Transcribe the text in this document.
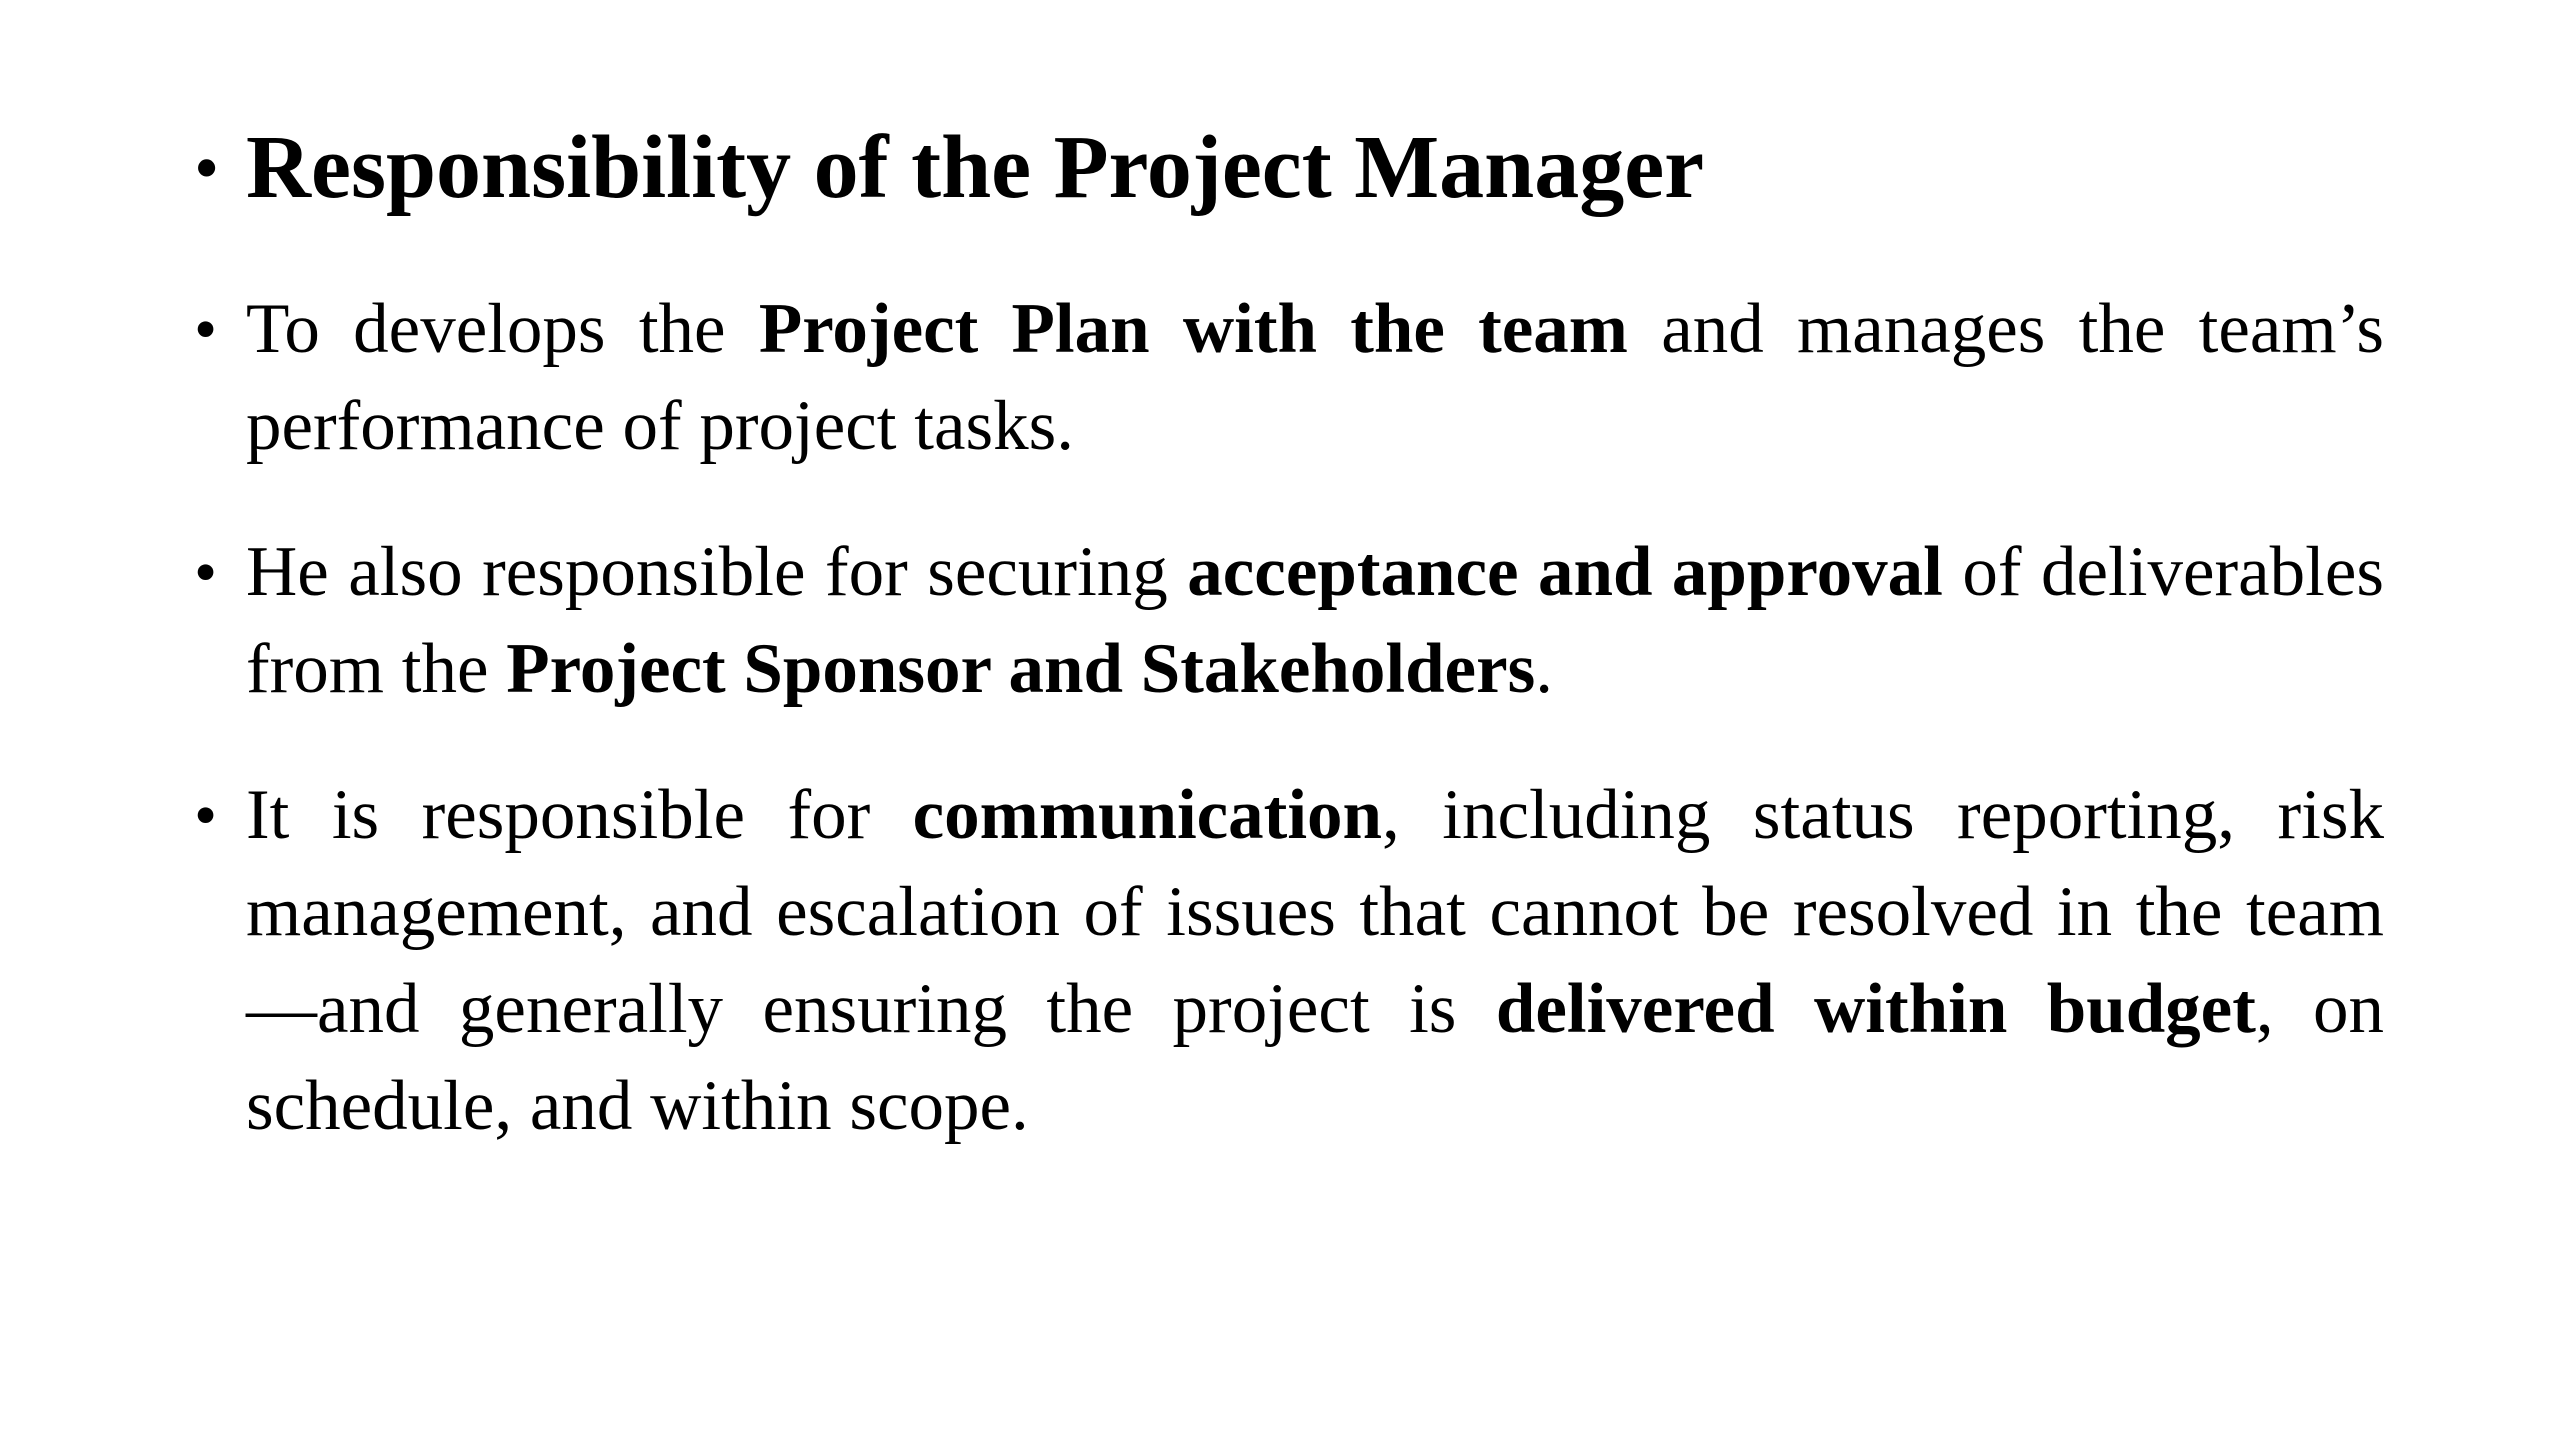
• Responsibility of the Project Manager
• To develops the Project Plan with the team and manages the team’s performance of project tasks.
• He also responsible for securing acceptance and approval of deliverables from the Project Sponsor and Stakeholders.
• It is responsible for communication, including status reporting, risk management, and escalation of issues that cannot be resolved in the team—and generally ensuring the project is delivered within budget, on schedule, and within scope.
